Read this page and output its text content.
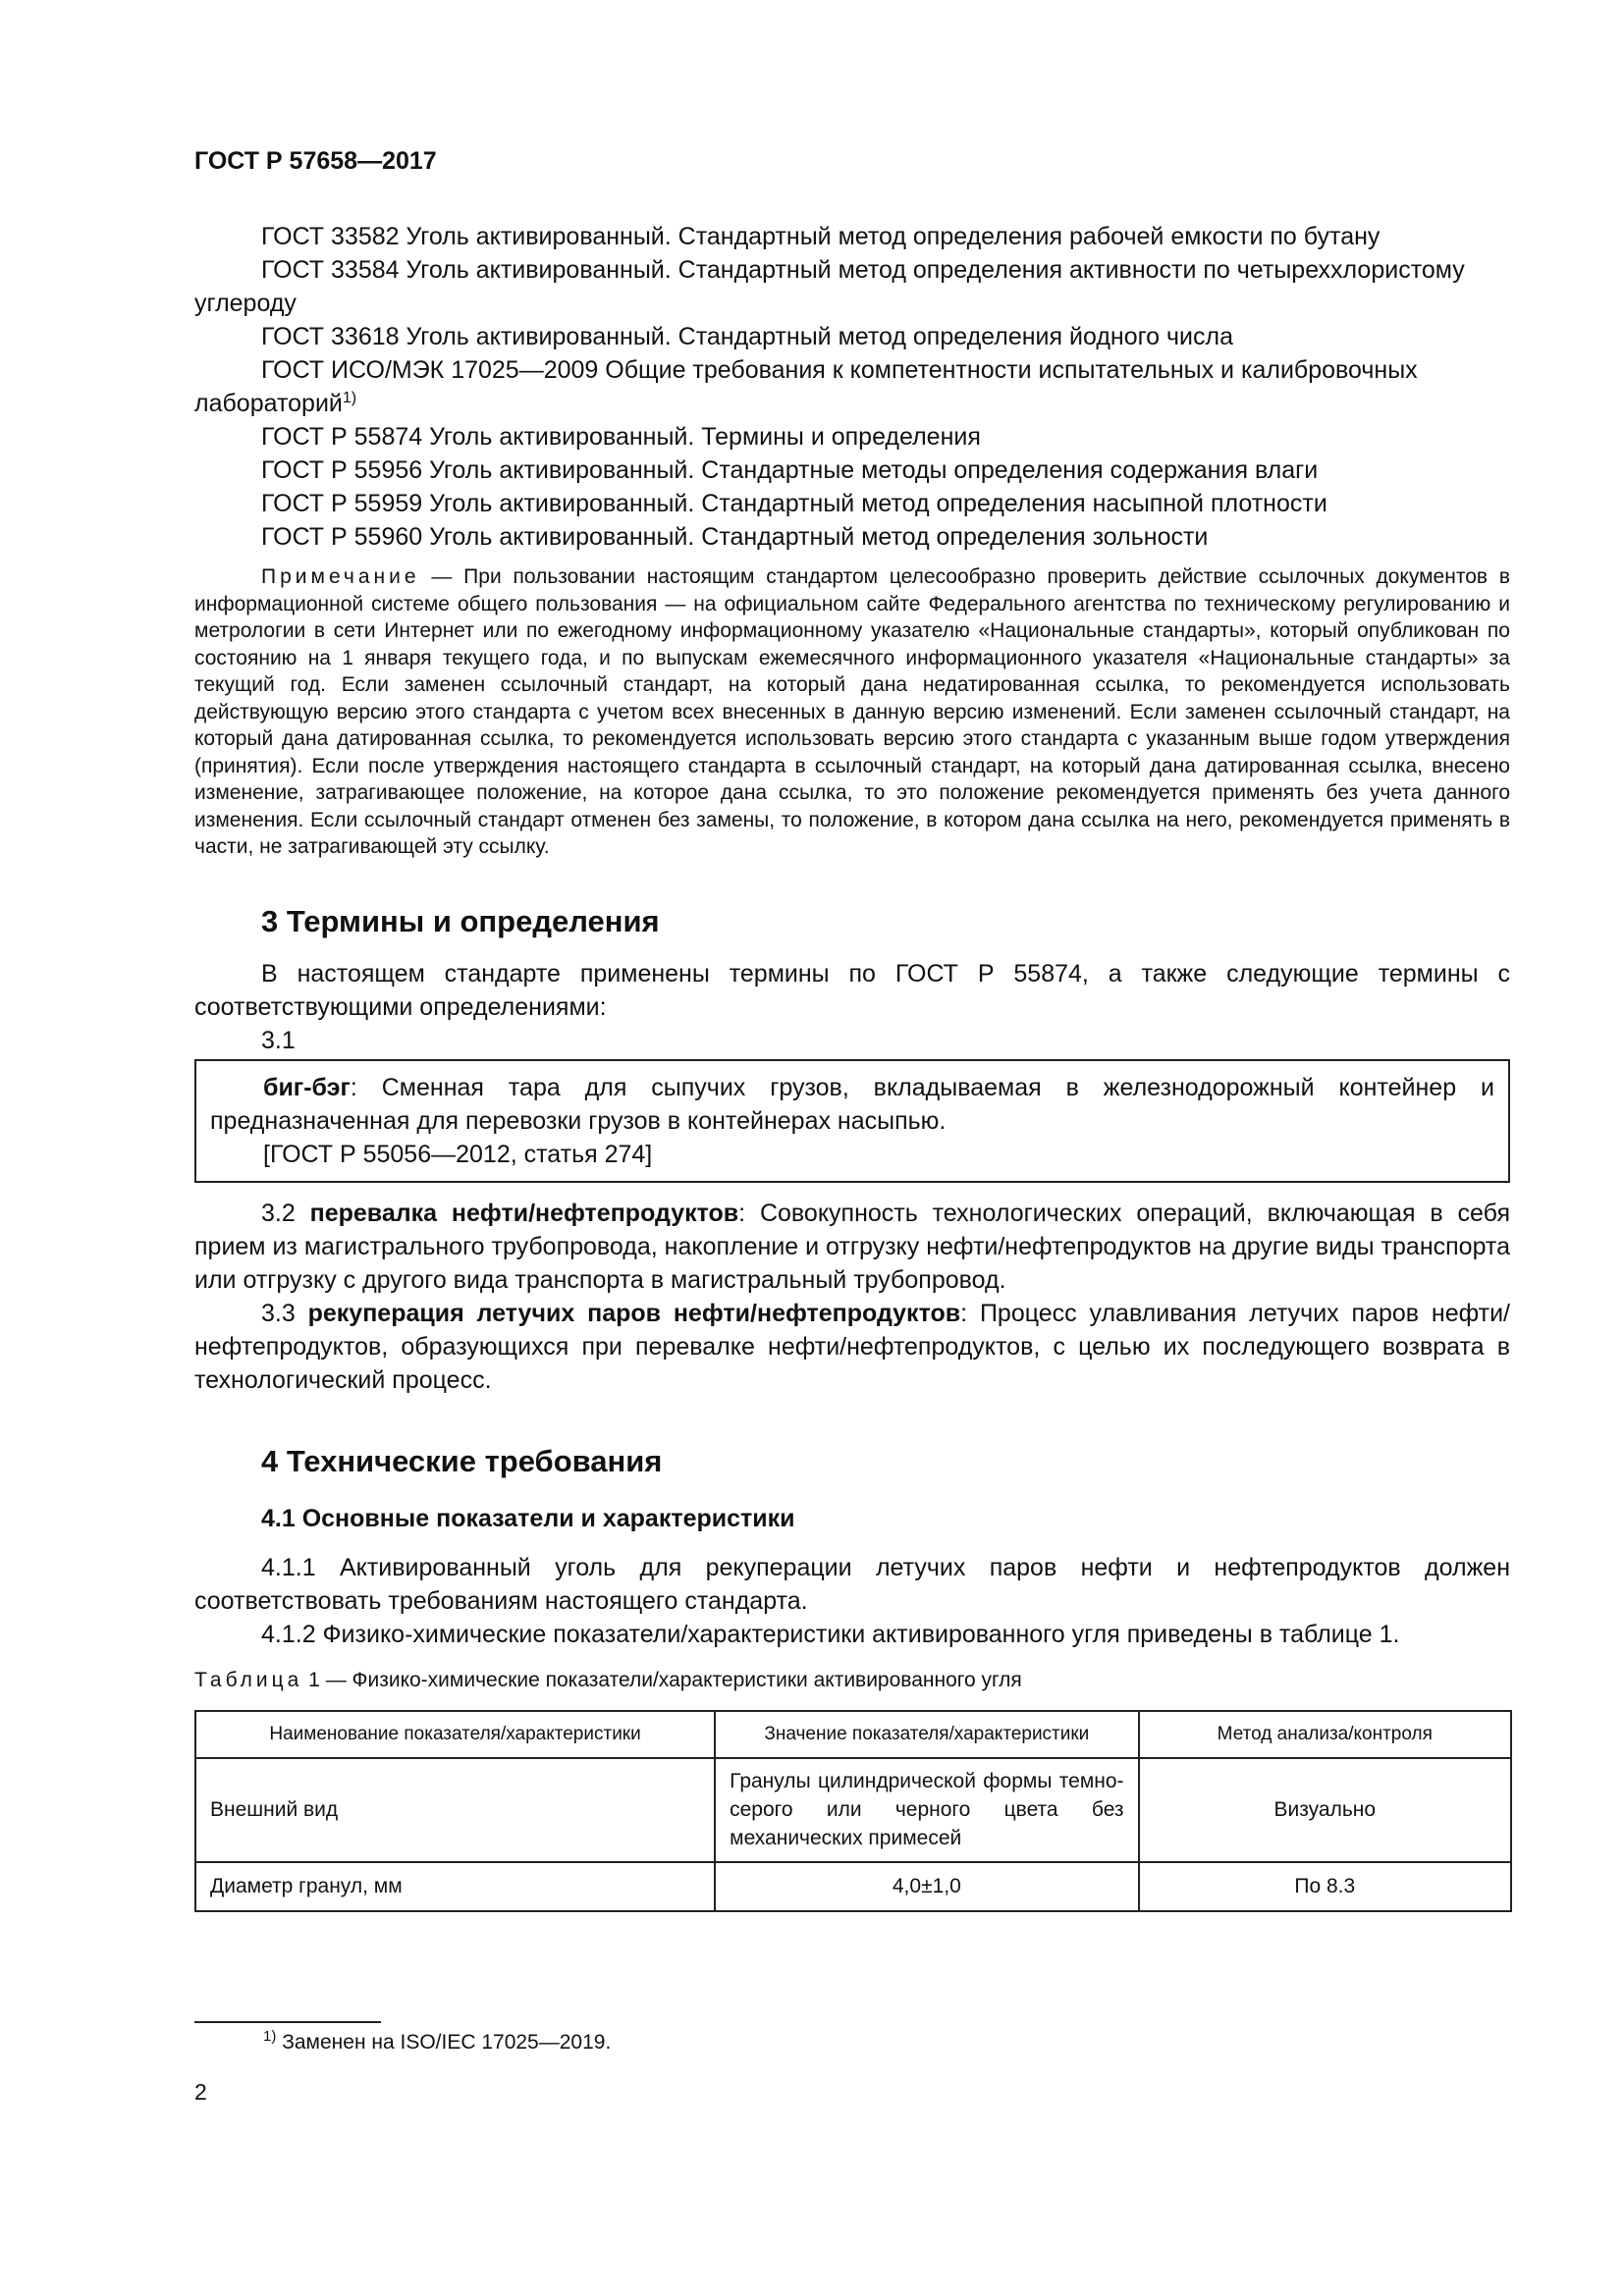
ГОСТ Р 57658—2017

ГОСТ 33582 Уголь активированный. Стандартный метод определения рабочей емкости по бутану

ГОСТ 33584 Уголь активированный. Стандартный метод определения активности по четыреххлористому углероду

ГОСТ 33618 Уголь активированный. Стандартный метод определения йодного числа

ГОСТ ИСО/МЭК 17025—2009 Общие требования к компетентности испытательных и калибровочных лабораторий$^{1)}$

ГОСТ Р 55874 Уголь активированный. Термины и определения

ГОСТ Р 55956 Уголь активированный. Стандартные методы определения содержания влаги

ГОСТ Р 55959 Уголь активированный. Стандартный метод определения насыпной плотности

ГОСТ Р 55960 Уголь активированный. Стандартный метод определения зольности

Примечание — При пользовании настоящим стандартом целесообразно проверить действие ссылочных документов в информационной системе общего пользования — на официальном сайте Федерального агентства по техническому регулированию и метрологии в сети Интернет или по ежегодному информационному указателю «Национальные стандарты», который опубликован по состоянию на 1 января текущего года, и по выпускам ежемесячного информационного указателя «Национальные стандарты» за текущий год. Если заменен ссылочный стандарт, на который дана недатированная ссылка, то рекомендуется использовать действующую версию этого стандарта с учетом всех внесенных в данную версию изменений. Если заменен ссылочный стандарт, на который дана датированная ссылка, то рекомендуется использовать версию этого стандарта с указанным выше годом утверждения (принятия). Если после утверждения настоящего стандарта в ссылочный стандарт, на который дана датированная ссылка, внесено изменение, затрагивающее положение, на которое дана ссылка, то это положение рекомендуется применять без учета данного изменения. Если ссылочный стандарт отменен без замены, то положение, в котором дана ссылка на него, рекомендуется применять в части, не затрагивающей эту ссылку.

3 Термины и определения

В настоящем стандарте применены термины по ГОСТ Р 55874, а также следующие термины с соответствующими определениями:

3.1

биг-бэг: Сменная тара для сыпучих грузов, вкладываемая в железнодорожный контейнер и предназначенная для перевозки грузов в контейнерах насыпью.

[ГОСТ Р 55056—2012, статья 274]

3.2 перевалка нефти/нефтепродуктов: Совокупность технологических операций, включающая в себя прием из магистрального трубопровода, накопление и отгрузку нефти/нефтепродуктов на другие виды транспорта или отгрузку с другого вида транспорта в магистральный трубопровод.

3.3 рекуперация летучих паров нефти/нефтепродуктов: Процесс улавливания летучих паров нефти/нефтепродуктов, образующихся при перевалке нефти/нефтепродуктов, с целью их последующего возврата в технологический процесс.

4 Технические требования
4.1 Основные показатели и характеристики

4.1.1 Активированный уголь для рекуперации летучих паров нефти и нефтепродуктов должен соответствовать требованиям настоящего стандарта.

4.1.2 Физико-химические показатели/характеристики активированного угля приведены в таблице 1.

Таблица 1 — Физико-химические показатели/характеристики активированного угля
Наименование показателя/характеристики	Значение показателя/характеристики	Метод анализа/контроля
Внешний вид	Гранулы цилиндрической формы темно-серого или черного цвета без механических примесей	Визуально
Диаметр гранул, мм	4,0±1,0	По 8.3
$^{1)}$ Заменен на ISO/IEC 17025—2019.
2
